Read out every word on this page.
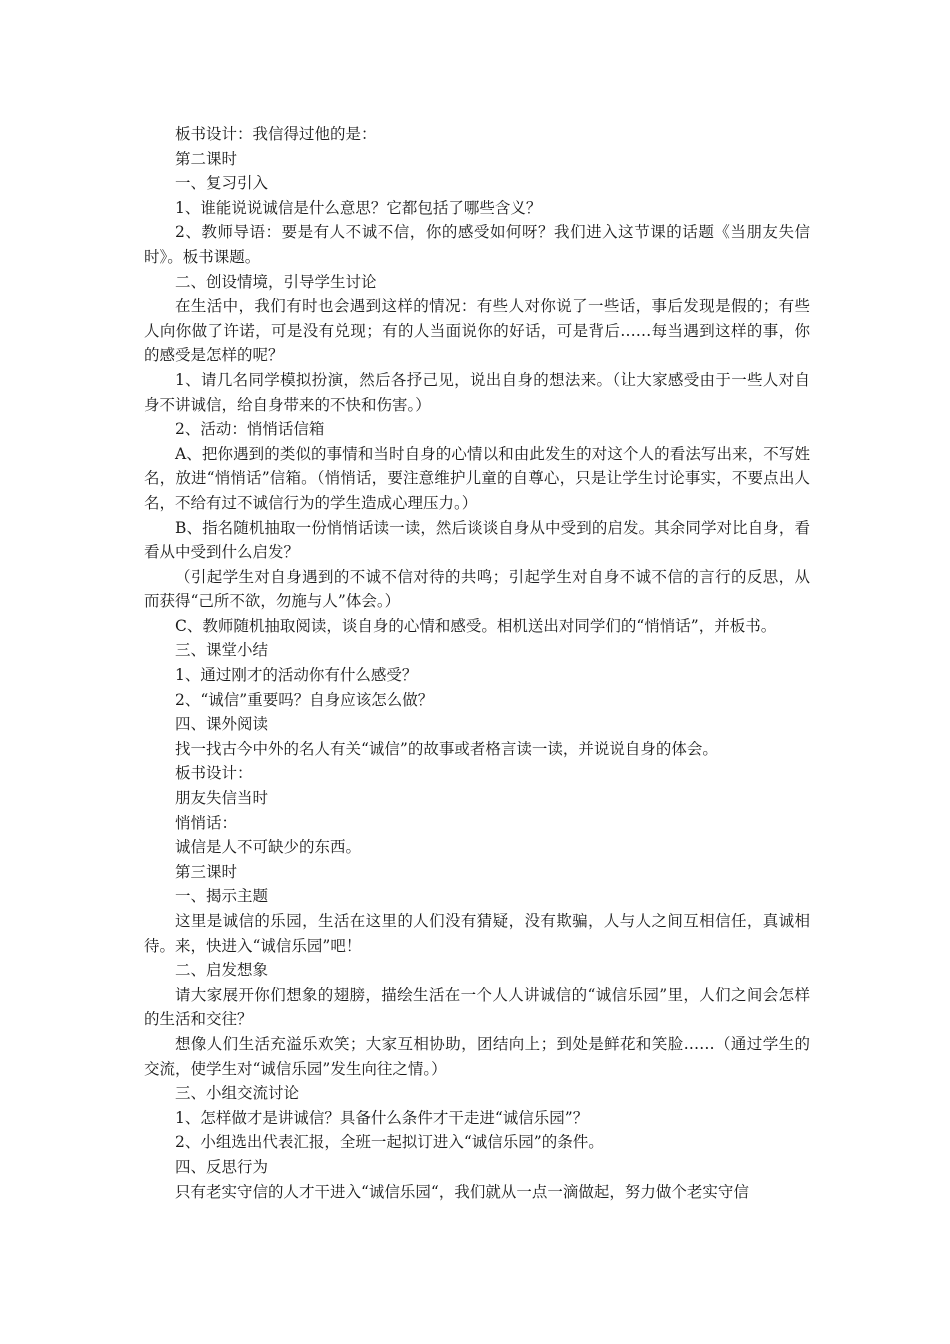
板书设计：我信得过他的是：

第二课时

一、复习引入

1、谁能说说诚信是什么意思？它都包括了哪些含义？

2、教师导语：要是有人不诚不信，你的感受如何呀？我们进入这节课的话题《当朋友失信时》。板书课题。

二、创设情境，引导学生讨论

在生活中，我们有时也会遇到这样的情况：有些人对你说了一些话，事后发现是假的；有些人向你做了许诺，可是没有兑现；有的人当面说你的好话，可是背后……每当遇到这样的事，你的感受是怎样的呢？

1、请几名同学模拟扮演，然后各抒己见，说出自身的想法来。（让大家感受由于一些人对自身不讲诚信，给自身带来的不快和伤害。）

2、活动：悄悄话信箱

A、把你遇到的类似的事情和当时自身的心情以和由此发生的对这个人的看法写出来，不写姓名，放进“悄悄话”信箱。（悄悄话，要注意维护儿童的自尊心，只是让学生讨论事实，不要点出人名，不给有过不诚信行为的学生造成心理压力。）

B、指名随机抽取一份悄悄话读一读，然后谈谈自身从中受到的启发。其余同学对比自身，看看从中受到什么启发？

（引起学生对自身遇到的不诚不信对待的共鸣；引起学生对自身不诚不信的言行的反思，从而获得“己所不欲，勿施与人”体会。）

C、教师随机抽取阅读，谈自身的心情和感受。相机送出对同学们的“悄悄话”，并板书。

三、课堂小结

1、通过刚才的活动你有什么感受？

2、“诚信”重要吗？自身应该怎么做？

四、课外阅读

找一找古今中外的名人有关“诚信”的故事或者格言读一读，并说说自身的体会。

板书设计：

朋友失信当时

悄悄话：

诚信是人不可缺少的东西。

第三课时

一、揭示主题

这里是诚信的乐园，生活在这里的人们没有猜疑，没有欺骗，人与人之间互相信任，真诚相待。来，快进入“诚信乐园”吧！

二、启发想象

请大家展开你们想象的翅膀，描绘生活在一个人人讲诚信的“诚信乐园”里，人们之间会怎样的生活和交往？

想像人们生活充溢乐欢笑；大家互相协助，团结向上；到处是鲜花和笑脸……（通过学生的交流，使学生对“诚信乐园”发生向往之情。）

三、小组交流讨论

1、怎样做才是讲诚信？具备什么条件才干走进“诚信乐园”？

2、小组选出代表汇报，全班一起拟订进入“诚信乐园”的条件。

四、反思行为

只有老实守信的人才干进入“诚信乐园“，我们就从一点一滴做起，努力做个老实守信
